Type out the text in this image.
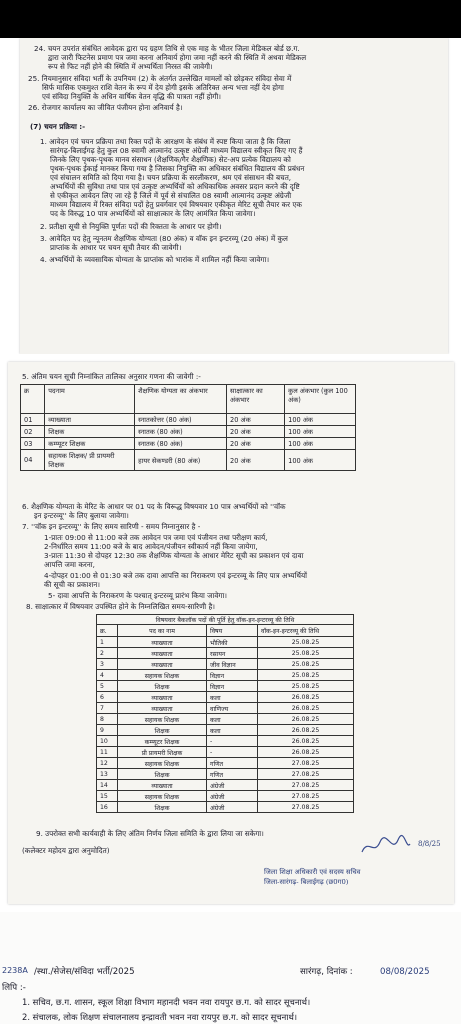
24. चयन उपरांत संबंधित आवेदक द्वारा पद ग्रहण तिथि से एक माह के भीतर जिला मेडिकल बोर्ड छ.ग.
द्वारा जारी फिटनेस प्रमाण पत्र जमा करना अनिवार्य होगा जमा नहीं करने की स्थिति में अथवा मेडिकल
रूप से फिट नहीं होने की स्थिति में अभ्यर्थिता निरस्त की जावेगी।
25. नियमानुसार संविदा भर्ती के उपनियम (2) के अंतर्गत उल्लेखित मामलों को छोड़कर संविदा सेवा में
सिर्फ मासिक एकमुश्त राशि वेतन के रूप में देय होगी इसके अतिरिक्त अन्य भत्ता नहीं देय होगा
एवं संविदा नियुक्ति के अधिन वार्षिक वेतन वृद्धि की पात्रता नहीं होगी।
26. रोजगार कार्यालय का जीवित पंजीयन होना अनिवार्य है।
(7) चयन प्रक्रिया :-
1. आवेदन एवं चयन प्रक्रिया तथा रिक्त पदों के आरक्षण के संबंध में स्पष्ट किया जाता है कि जिला
सारंगढ़-बिलाईगढ़ हेतु कुल 08 स्वामी आत्मानंद उत्कृष्ट अंग्रेजी माध्यम विद्यालय स्वीकृत किए गए हैं
जिनके लिए पृथक-पृथक मानव संसाधन (शैक्षणिक/गैर शैक्षणिक) सेट-अप प्रत्येक विद्यालय को
पृथक-पृथक ईकाई मानकर किया गया है जिसका नियुक्ति का अधिकार संबंधित विद्यालय की प्रबंधन
एवं संचालन समिति को दिया गया है। चयन प्रक्रिया के सरलीकरण, श्रम एवं संसाधन की बचत,
अभ्यर्थियों की सुविधा तथा पात्र एवं उत्कृष्ट अभ्यर्थियों को अधिकाधिक अवसर प्रदान करने की दृष्टि
से एकीकृत आवेदन लिए जा रहे हैं जिले में पूर्व से संचालित 08 स्वामी आत्मानंद उत्कृष्ट अंग्रेजी
माध्यम विद्यालय में रिक्त संविदा पदों हेतु प्रवर्गवार एवं विषयवार एकीकृत मेरिट सूची तैयार कर एक
पद के विरुद्ध 10 पात्र अभ्यर्थियों को साक्षात्कार के लिए आमंत्रित किया जावेगा।
2. प्रतीक्षा सूची से नियुक्ति पूर्णतः पदों की रिक्तता के आधार पर होगी।
3. आवेदित पद हेतु न्यूनतम शैक्षणिक योग्यता (80 अंक) व वॉक इन इन्टरव्यू (20 अंक) में कुल
प्राप्तांक के आधार पर चयन सूची तैयार की जावेगी।
4. अभ्यर्थियों के व्यवसायिक योग्यता के प्राप्तांक को भारांक में शामिल नहीं किया जावेगा।
5. अंतिम चयन सूची निम्नांकित तालिका अनुसार गणना की जावेगी :-
क्र	पदनाम	शैक्षणिक योग्यता का अंकभार	साक्षात्कार का अंकभार	कुल अंकभार (कुल 100 अंक)
01	व्याख्याता	स्नातकोत्तर (80 अंक)	20 अंक	100 अंक
02	शिक्षक	स्नातक (80 अंक)	20 अंक	100 अंक
03	कम्प्यूटर शिक्षक	स्नातक (80 अंक)	20 अंक	100 अंक
04	सहायक शिक्षक/ प्री प्रायमरी शिक्षक	हायर सेकण्डरी (80 अंक)	20 अंक	100 अंक
6. शैक्षणिक योग्यता के मेरिट के आधार पर 01 पद के विरूद्ध विषयवार 10 पात्र अभ्यर्थियों को ''वॉक
इन इन्टरव्यू'' के लिए बुलाया जावेगा।
7. ''वॉक इन इन्टरव्यू'' के लिए समय सारिणी - समय निम्नानुसार है -
1-प्रातः 09:00 से 11:00 बजे तक आवेदन पत्र जमा एवं पंजीयन तथा परीक्षण कार्य,
2-निर्धारित समय 11:00 बजे के बाद आवेदन/पंजीयन स्वीकार्य नहीं किया जायेगा,
3-प्रातः 11:30 से दोपहर 12:30 तक शैक्षणिक योग्यता के आधार मेरिट सूची का प्रकाशन एवं दावा
आपत्ति जमा करना,
4-दोपहर 01:00 से 01:30 बजे तक दावा आपत्ति का निराकरण एवं इन्टरव्यू के लिए पात्र अभ्यर्थियों
की सूची का प्रकाशन।
5- दावा आपत्ति के निराकरण के पश्चात् इन्टरव्यू प्रारंभ किया जावेगा।
8. साक्षात्कार में विषयवार उपस्थित होने के निम्नलिखित समय-सारिणी है।
विषयवार बैकलॉक पदों की पूर्ति हेतु वॉक-इन-इन्टरव्यू की तिथि			
क्र.	पद का नाम	विषय	वॉक-इन-इन्टरव्यू की तिथि
1	व्याख्याता	भौतिकी	25.08.25
2	व्याख्याता	रसायन	25.08.25
3	व्याख्याता	जीव विज्ञान	25.08.25
4	सहायक शिक्षक	विज्ञान	25.08.25
5	शिक्षक	विज्ञान	25.08.25
6	व्याख्याता	कला	26.08.25
7	व्याख्याता	वाणिज्य	26.08.25
8	सहायक शिक्षक	कला	26.08.25
9	शिक्षक	कला	26.08.25
10	कम्प्यूटर शिक्षक	-	26.08.25
11	प्री प्रायमरी शिक्षक	-	26.08.25
12	सहायक शिक्षक	गणित	27.08.25
13	शिक्षक	गणित	27.08.25
14	व्याख्याता	अंग्रेजी	27.08.25
15	सहायक शिक्षक	अंग्रेजी	27.08.25
16	शिक्षक	अंग्रेजी	27.08.25
9. उपरोक्त सभी कार्यवाही के लिए अंतिम निर्णय जिला समिति के द्वारा लिया जा सकेगा।
(कलेक्टर महोदय द्वारा अनुमोदित)
8/8/25
जिला शिक्षा अधिकारी एवं सदस्य सचिव
जिला-सारंगढ़- बिलाईगढ़ (छ0ग0)
2238A /स्था./सेजेस/संविदा भर्ती/2025	सारंगढ़, दिनांक :	08/08/2025
लिपि :-
1. सचिव, छ.ग. शासन, स्कूल शिक्षा विभाग महानदी भवन नवा रायपुर छ.ग. को सादर सूचनार्थ।
2. संचालक, लोक शिक्षण संचालनालय इन्द्रावती भवन नवा रायपुर छ.ग. को सादर सूचनार्थ।
